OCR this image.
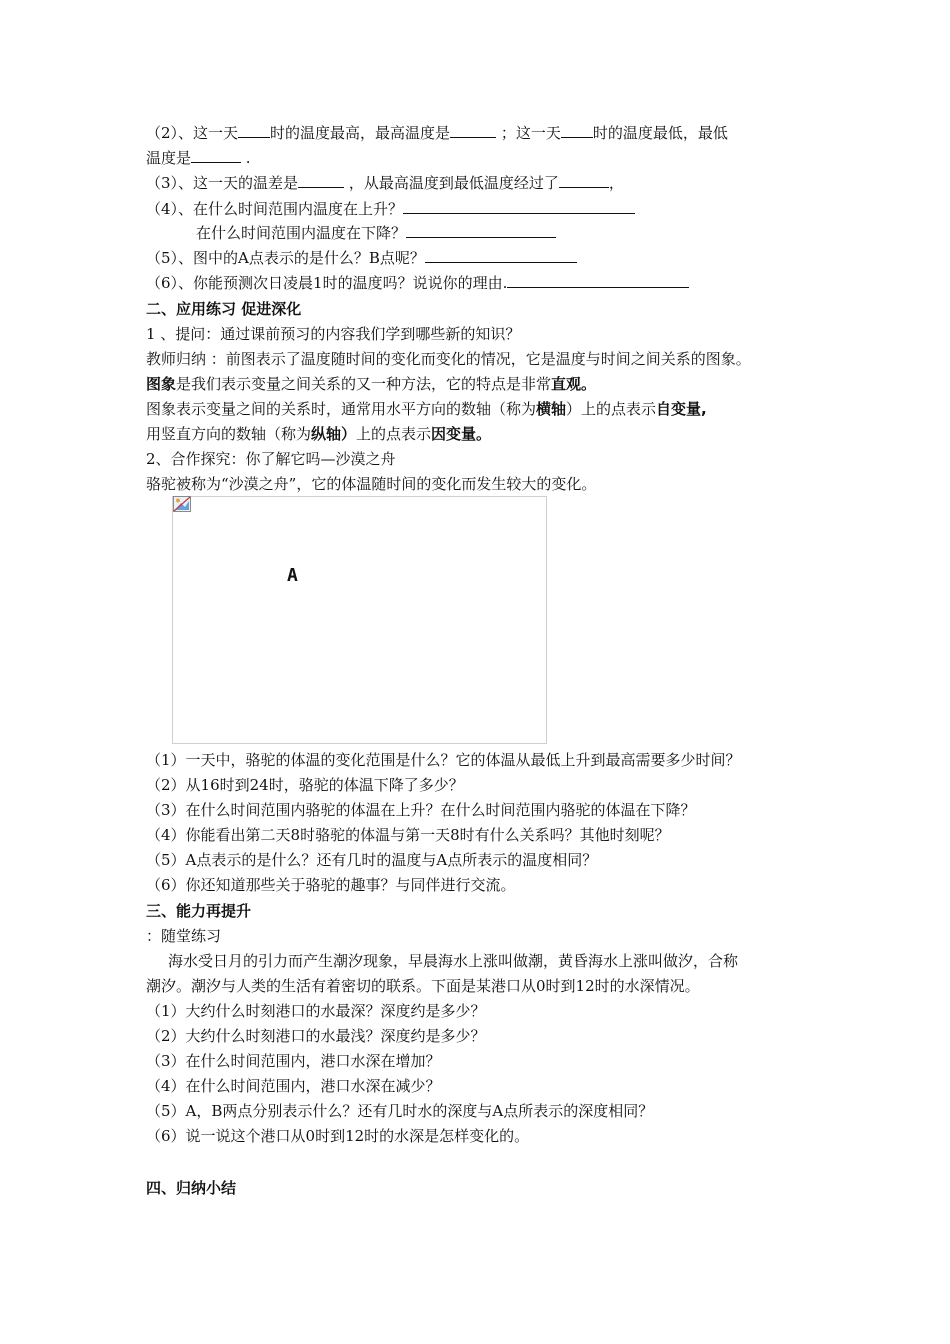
（2）、这一天 时的温度最高，最高温度是	；这一天 时的温度最低，最低
温度是	.
（3）、这一天的温差是	，从最高温度到最低温度经过了	，
（4）、在什么时间范围内温度在上升？
在什么时间范围内温度在下降？
（5）、图中的A点表示的是什么？B点呢？
（6）、你能预测次日凌晨1时的温度吗？说说你的理由.
二、应用练习 促进深化
1 、提问：通过课前预习的内容我们学到哪些新的知识？
教师归纳 ：前图表示了温度随时间的变化而变化的情况，它是温度与时间之间关系的图象。
图象是我们表示变量之间关系的又一种方法，它的特点是非常直观。
图象表示变量之间的关系时，通常用水平方向的数轴（称为横轴）上的点表示自变量,
用竖直方向的数轴（称为纵轴）上的点表示因变量。
2、合作探究：你了解它吗—沙漠之舟
骆驼被称为“沙漠之舟”，它的体温随时间的变化而发生较大的变化。
A
（1）一天中，骆驼的体温的变化范围是什么？它的体温从最低上升到最高需要多少时间？
（2）从16时到24时，骆驼的体温下降了多少？
（3）在什么时间范围内骆驼的体温在上升？在什么时间范围内骆驼的体温在下降？
（4）你能看出第二天8时骆驼的体温与第一天8时有什么关系吗？其他时刻呢？
（5）A点表示的是什么？还有几时的温度与A点所表示的温度相同？
（6）你还知道那些关于骆驼的趣事？与同伴进行交流。
三、能力再提升
：随堂练习
海水受日月的引力而产生潮汐现象，早晨海水上涨叫做潮，黄昏海水上涨叫做汐，合称
潮汐。潮汐与人类的生活有着密切的联系。下面是某港口从0时到12时的水深情况。
（1）大约什么时刻港口的水最深？深度约是多少？
（2）大约什么时刻港口的水最浅？深度约是多少？
（3）在什么时间范围内，港口水深在增加？
（4）在什么时间范围内，港口水深在减少？
（5）A，B两点分别表示什么？还有几时水的深度与A点所表示的深度相同？
（6）说一说这个港口从0时到12时的水深是怎样变化的。
四、归纳小结
